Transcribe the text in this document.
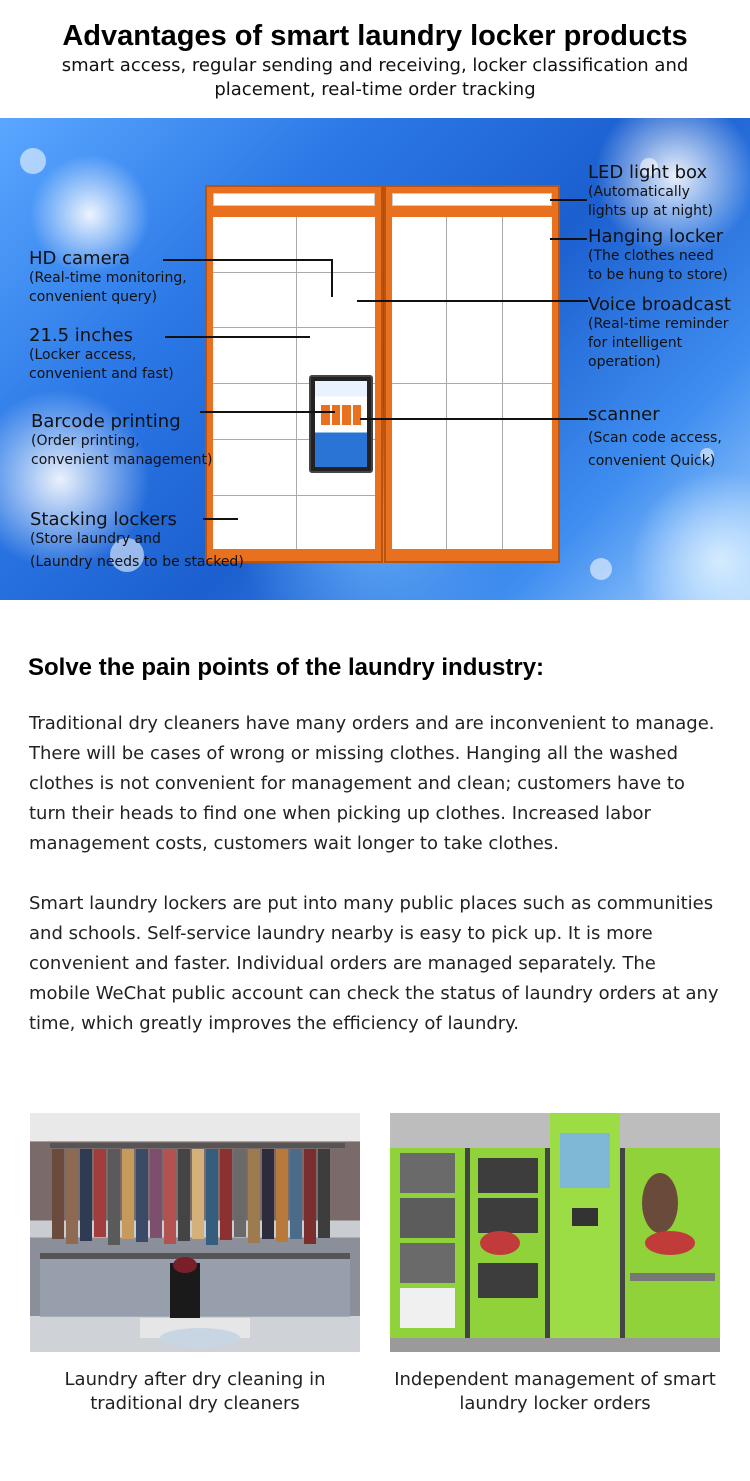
Advantages of smart laundry locker products
smart access, regular sending and receiving, locker classification and placement, real-time order tracking
HD camera
(Real-time monitoring,
convenient query)
21.5 inches
(Locker access,
convenient and fast)
Barcode printing
(Order printing,
convenient management)
Stacking lockers
(Store laundry and
(Laundry needs to be stacked)
LED light box
(Automatically
lights up at night)
Hanging locker
(The clothes need
to be hung to store)
Voice broadcast
(Real-time reminder
for intelligent
operation)
scanner
(Scan code access,
convenient Quick)
Solve the pain points of the laundry industry:
Traditional dry cleaners have many orders and are inconvenient to manage. There will be cases of wrong or missing clothes. Hanging all the washed clothes is not convenient for management and clean; customers have to turn their heads to find one when picking up clothes. Increased labor management costs, customers wait longer to take clothes.
Smart laundry lockers are put into many public places such as communities and schools. Self-service laundry nearby is easy to pick up. It is more convenient and faster. Individual orders are managed separately. The mobile WeChat public account can check the status of laundry orders at any time, which greatly improves the efficiency of laundry.
Laundry after dry cleaning in traditional dry cleaners
Independent management of smart laundry locker orders
